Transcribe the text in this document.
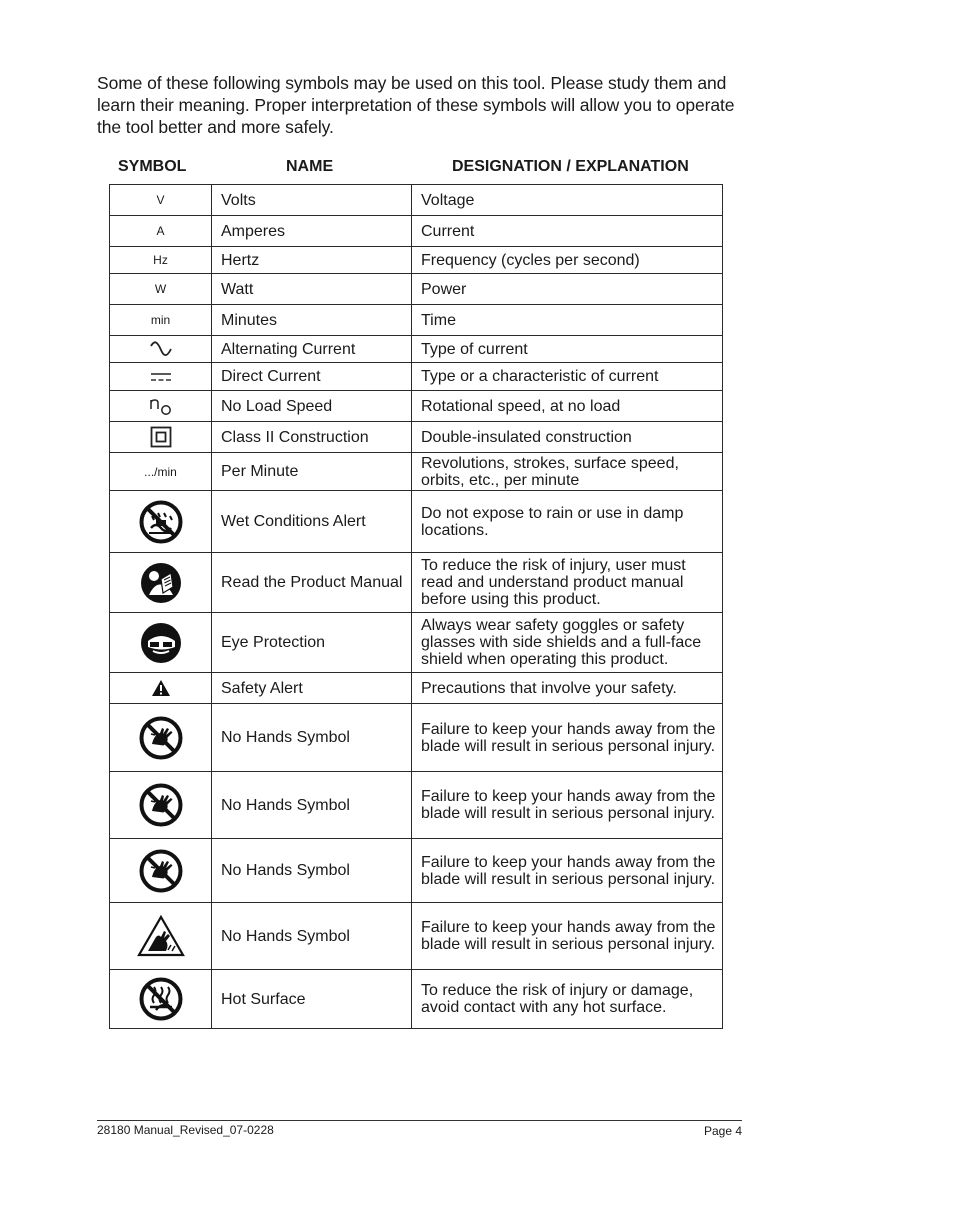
Some of these following symbols may be used on this tool. Please study them and learn their meaning. Proper interpretation of these symbols will allow you to operate the tool better and more safely.

SYMBOL	NAME	DESIGNATION / EXPLANATION
V	Volts	Voltage
A	Amperes	Current
Hz	Hertz	Frequency (cycles per second)
W	Watt	Power
min	Minutes	Time
	Alternating Current	Type of current
	Direct Current	Type or a characteristic of current
	No Load Speed	Rotational speed, at no load
	Class II Construction	Double-insulated construction
.../min	Per Minute	Revolutions, strokes, surface speed, orbits, etc., per minute
	Wet Conditions Alert	Do not expose to rain or use in damp locations.
	Read the Product Manual	To reduce the risk of injury, user must read and understand product manual before using this product.
	Eye Protection	Always wear safety goggles or safety glasses with side shields and a full-face shield when operating this product.
	Safety Alert	Precautions that involve your safety.
	No Hands Symbol	Failure to keep your hands away from the blade will result in serious personal injury.
	No Hands Symbol	Failure to keep your hands away from the blade will result in serious personal injury.
	No Hands Symbol	Failure to keep your hands away from the blade will result in serious personal injury.
	No Hands Symbol	Failure to keep your hands away from the blade will result in serious personal injury.
	Hot Surface	To reduce the risk of injury or damage, avoid contact with any hot surface.
28180 Manual_Revised_07-0228	Page 4
